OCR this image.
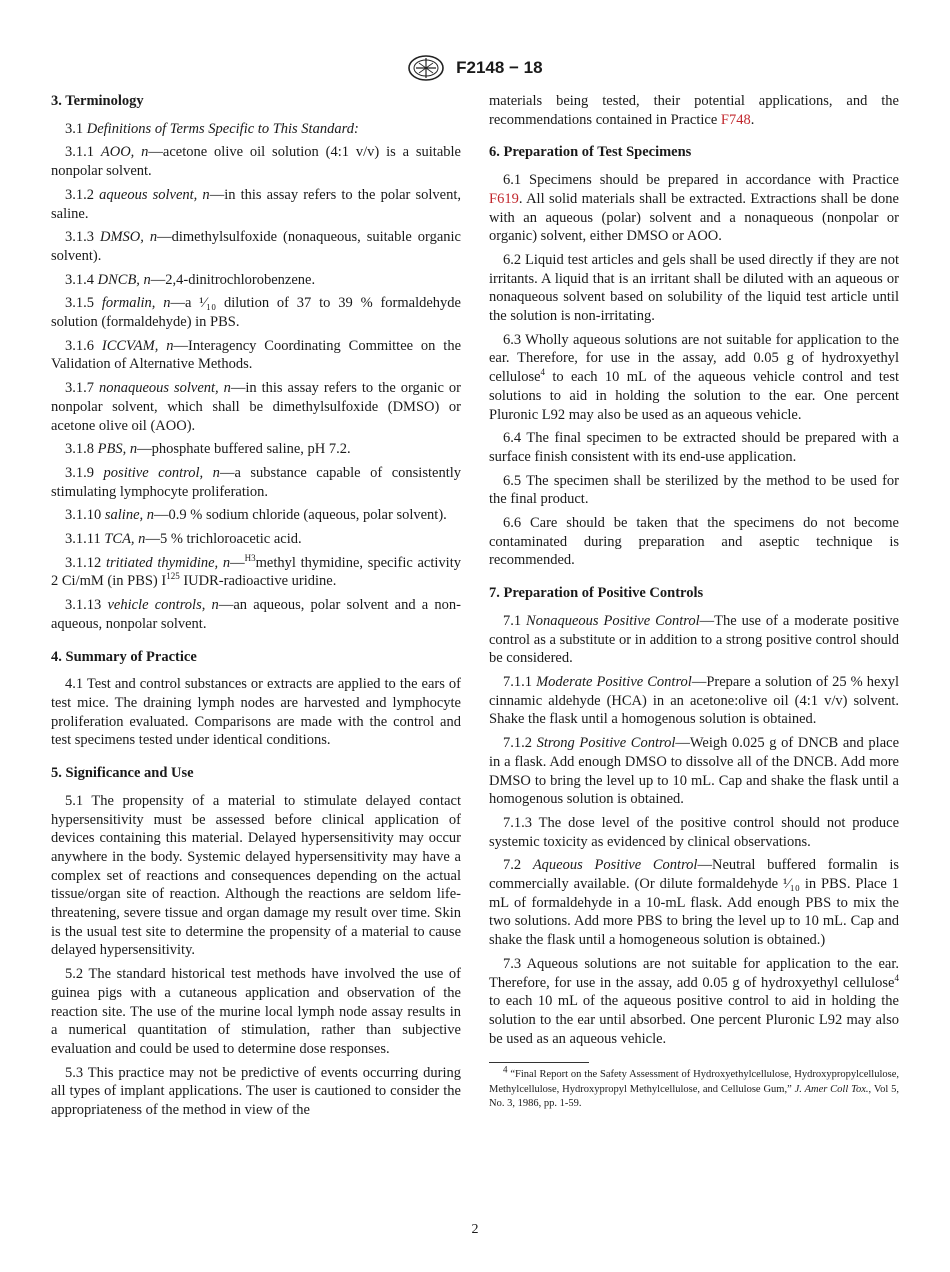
F2148 − 18
3. Terminology

3.1 Definitions of Terms Specific to This Standard:

3.1.1 AOO, n—acetone olive oil solution (4:1 v/v) is a suitable nonpolar solvent.

3.1.2 aqueous solvent, n—in this assay refers to the polar solvent, saline.

3.1.3 DMSO, n—dimethylsulfoxide (nonaqueous, suitable organic solvent).

3.1.4 DNCB, n—2,4-dinitrochlorobenzene.

3.1.5 formalin, n—a ¹⁄₁₀ dilution of 37 to 39 % formaldehyde solution (formaldehyde) in PBS.

3.1.6 ICCVAM, n—Interagency Coordinating Committee on the Validation of Alternative Methods.

3.1.7 nonaqueous solvent, n—in this assay refers to the organic or nonpolar solvent, which shall be dimethylsulfoxide (DMSO) or acetone olive oil (AOO).

3.1.8 PBS, n—phosphate buffered saline, pH 7.2.

3.1.9 positive control, n—a substance capable of consistently stimulating lymphocyte proliferation.

3.1.10 saline, n—0.9 % sodium chloride (aqueous, polar solvent).

3.1.11 TCA, n—5 % trichloroacetic acid.

3.1.12 tritiated thymidine, n—$^{H3}$methyl thymidine, specific activity 2 Ci/mM (in PBS) $I^{125}$ IUDR-radioactive uridine.

3.1.13 vehicle controls, n—an aqueous, polar solvent and a non-aqueous, nonpolar solvent.

4. Summary of Practice

4.1 Test and control substances or extracts are applied to the ears of test mice. The draining lymph nodes are harvested and lymphocyte proliferation evaluated. Comparisons are made with the control and test specimens tested under identical conditions.

5. Significance and Use

5.1 The propensity of a material to stimulate delayed contact hypersensitivity must be assessed before clinical application of devices containing this material. Delayed hypersensitivity may occur anywhere in the body. Systemic delayed hypersensitivity may have a complex set of reactions and consequences depending on the actual tissue/organ site of reaction. Although the reactions are seldom life-threatening, severe tissue and organ damage my result over time. Skin is the usual test site to determine the propensity of a material to cause delayed hypersensitivity.

5.2 The standard historical test methods have involved the use of guinea pigs with a cutaneous application and observation of the reaction site. The use of the murine local lymph node assay results in a numerical quantitation of stimulation, rather than subjective evaluation and could be used to determine dose responses.

5.3 This practice may not be predictive of events occurring during all types of implant applications. The user is cautioned to consider the appropriateness of the method in view of the

materials being tested, their potential applications, and the recommendations contained in Practice F748.

6. Preparation of Test Specimens

6.1 Specimens should be prepared in accordance with Practice F619. All solid materials shall be extracted. Extractions shall be done with an aqueous (polar) solvent and a nonaqueous (nonpolar or organic) solvent, either DMSO or AOO.

6.2 Liquid test articles and gels shall be used directly if they are not irritants. A liquid that is an irritant shall be diluted with an aqueous or nonaqueous solvent based on solubility of the liquid test article until the solution is non-irritating.

6.3 Wholly aqueous solutions are not suitable for application to the ear. Therefore, for use in the assay, add 0.05 g of hydroxyethyl cellulose$^4$ to each 10 mL of the aqueous vehicle control and test solutions to aid in holding the solution to the ear. One percent Pluronic L92 may also be used as an aqueous vehicle.

6.4 The final specimen to be extracted should be prepared with a surface finish consistent with its end-use application.

6.5 The specimen shall be sterilized by the method to be used for the final product.

6.6 Care should be taken that the specimens do not become contaminated during preparation and aseptic technique is recommended.

7. Preparation of Positive Controls

7.1 Nonaqueous Positive Control—The use of a moderate positive control as a substitute or in addition to a strong positive control should be considered.

7.1.1 Moderate Positive Control—Prepare a solution of 25 % hexyl cinnamic aldehyde (HCA) in an acetone:olive oil (4:1 v/v) solvent. Shake the flask until a homogenous solution is obtained.

7.1.2 Strong Positive Control—Weigh 0.025 g of DNCB and place in a flask. Add enough DMSO to dissolve all of the DNCB. Add more DMSO to bring the level up to 10 mL. Cap and shake the flask until a homogenous solution is obtained.

7.1.3 The dose level of the positive control should not produce systemic toxicity as evidenced by clinical observations.

7.2 Aqueous Positive Control—Neutral buffered formalin is commercially available. (Or dilute formaldehyde ¹⁄₁₀ in PBS. Place 1 mL of formaldehyde in a 10-mL flask. Add enough PBS to mix the two solutions. Add more PBS to bring the level up to 10 mL. Cap and shake the flask until a homogeneous solution is obtained.)

7.3 Aqueous solutions are not suitable for application to the ear. Therefore, for use in the assay, add 0.05 g of hydroxyethyl cellulose$^4$ to each 10 mL of the aqueous positive control to aid in holding the solution to the ear until absorbed. One percent Pluronic L92 may also be used as an aqueous vehicle.

$^4$ “Final Report on the Safety Assessment of Hydroxyethylcellulose, Hydroxypropylcellulose, Methylcellulose, Hydroxypropyl Methylcellulose, and Cellulose Gum,” J. Amer Coll Tox., Vol 5, No. 3, 1986, pp. 1-59.
2
